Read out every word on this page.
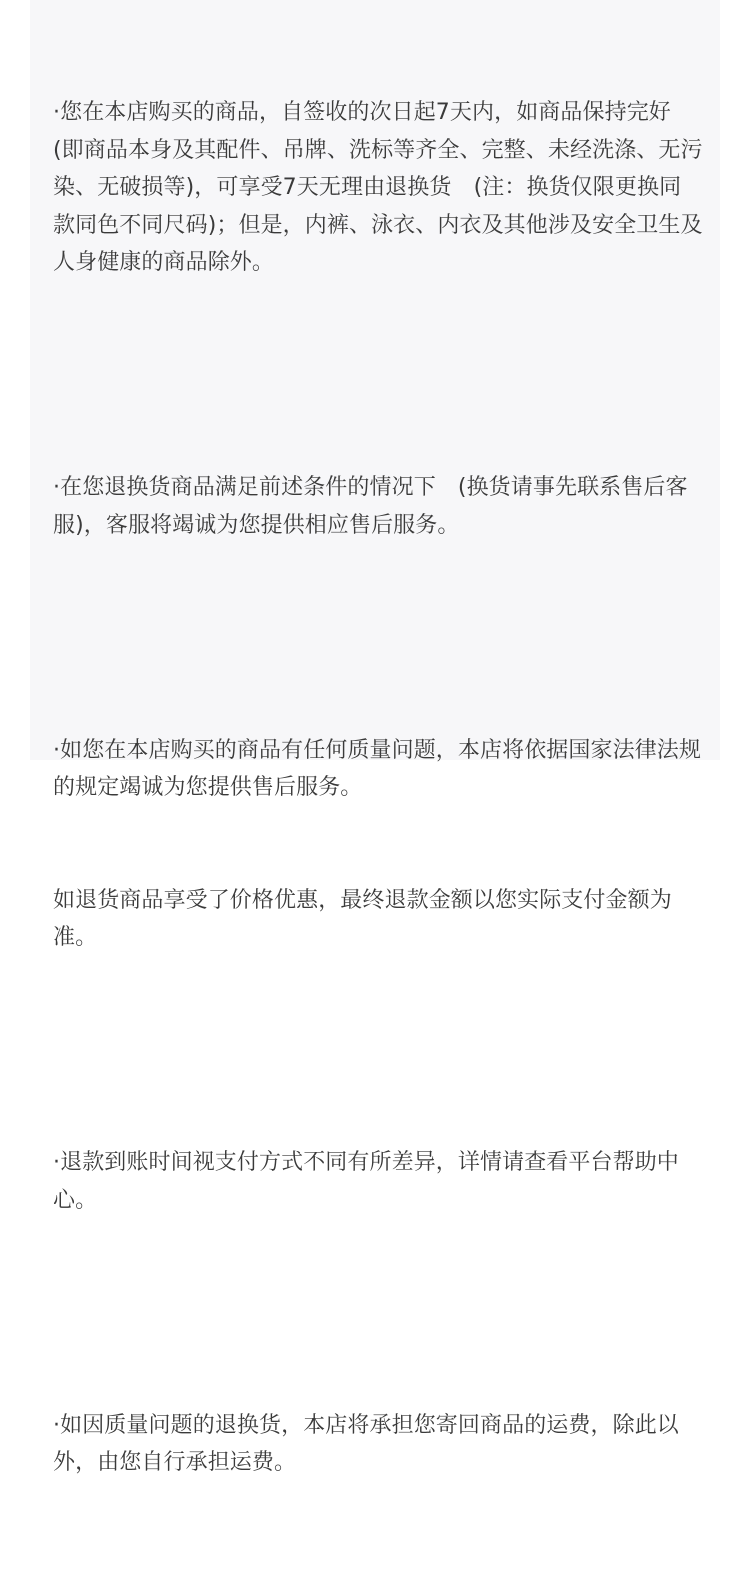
·您在本店购买的商品，自签收的次日起7天内，如商品保持完好　(即商品本身及其配件、吊牌、洗标等齐全、完整、未经洗涤、无污染、无破损等)，可享受7天无理由退换货　(注：换货仅限更换同款同色不同尺码)；但是，内裤、泳衣、内衣及其他涉及安全卫生及人身健康的商品除外。

·在您退换货商品满足前述条件的情况下　(换货请事先联系售后客服)，客服将竭诚为您提供相应售后服务。

·如您在本店购买的商品有任何质量问题，本店将依据国家法律法规的规定竭诚为您提供售后服务。

如退货商品享受了价格优惠，最终退款金额以您实际支付金额为准。

·退款到账时间视支付方式不同有所差异，详情请查看平台帮助中心。

·如因质量问题的退换货，本店将承担您寄回商品的运费，除此以外，由您自行承担运费。
